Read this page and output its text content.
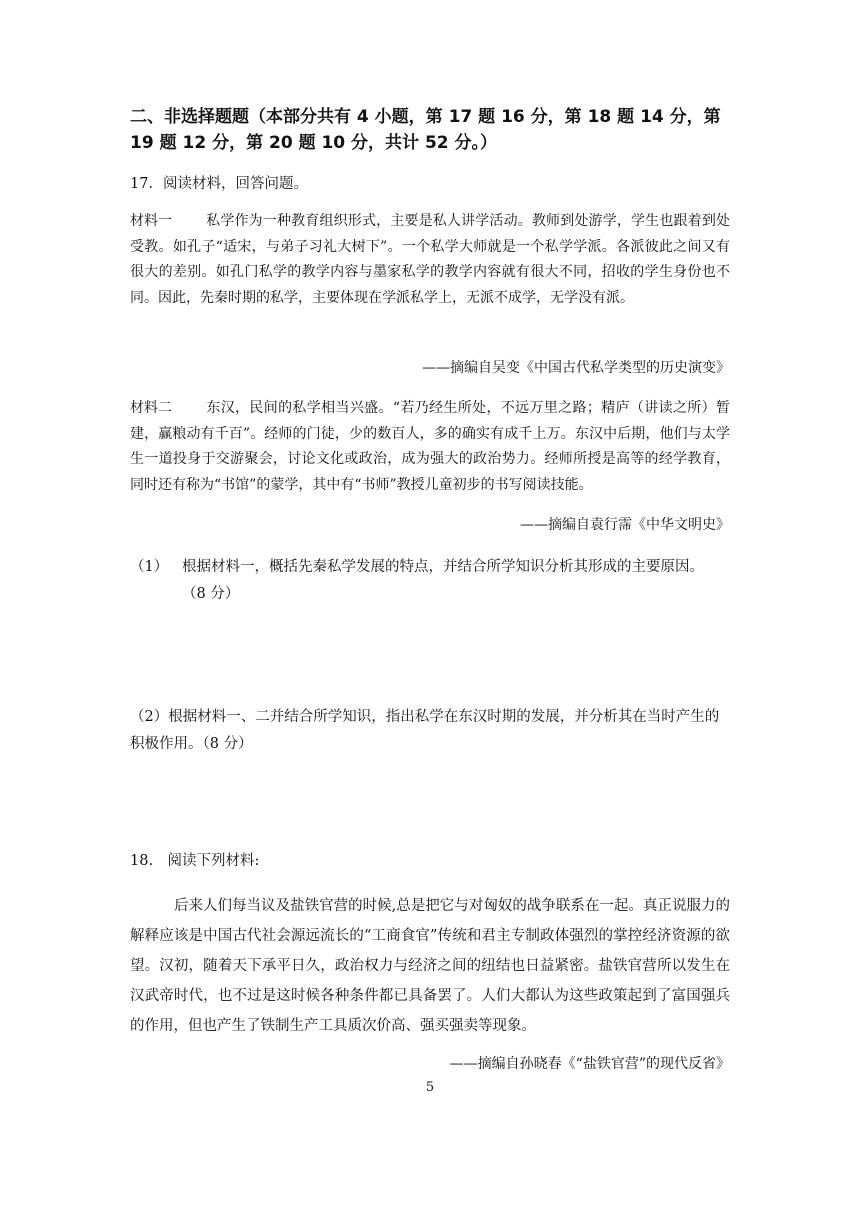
二、非选择题题（本部分共有 4 小题，第 17 题 16 分，第 18 题 14 分，第 19 题 12 分，第 20 题 10 分，共计 52 分。）
17．阅读材料，回答问题。
材料一 私学作为一种教育组织形式，主要是私人讲学活动。教师到处游学，学生也跟着到处受教。如孔子“适宋，与弟子习礼大树下”。一个私学大师就是一个私学学派。各派彼此之间又有很大的差别。如孔门私学的教学内容与墨家私学的教学内容就有很大不同，招收的学生身份也不同。因此，先秦时期的私学，主要体现在学派私学上，无派不成学，无学没有派。
——摘编自吴变《中国古代私学类型的历史演变》
材料二 东汉，民间的私学相当兴盛。“若乃经生所处，不远万里之路；精庐（讲读之所）暂建，赢粮动有千百”。经师的门徒，少的数百人，多的确实有成千上万。东汉中后期，他们与太学生一道投身于交游聚会，讨论文化或政治，成为强大的政治势力。经师所授是高等的经学教育，同时还有称为“书馆”的蒙学，其中有“书师”教授儿童初步的书写阅读技能。
——摘编自袁行霈《中华文明史》
（1） 根据材料一，概括先秦私学发展的特点，并结合所学知识分析其形成的主要原因。
（8 分）
（2）根据材料一、二并结合所学知识，指出私学在东汉时期的发展，并分析其在当时产生的积极作用。（8 分）
18.　阅读下列材料:
后来人们每当议及盐铁官营的时候,总是把它与对匈奴的战争联系在一起。真正说服力的解释应该是中国古代社会源远流长的“工商食官”传统和君主专制政体强烈的掌控经济资源的欲望。汉初，随着天下承平日久，政治权力与经济之间的纽结也日益紧密。盐铁官营所以发生在汉武帝时代，也不过是这时候各种条件都已具备罢了。人们大都认为这些政策起到了富国强兵的作用，但也产生了铁制生产工具质次价高、强买强卖等现象。
——摘编自孙晓春《“盐铁官营”的现代反省》
5
